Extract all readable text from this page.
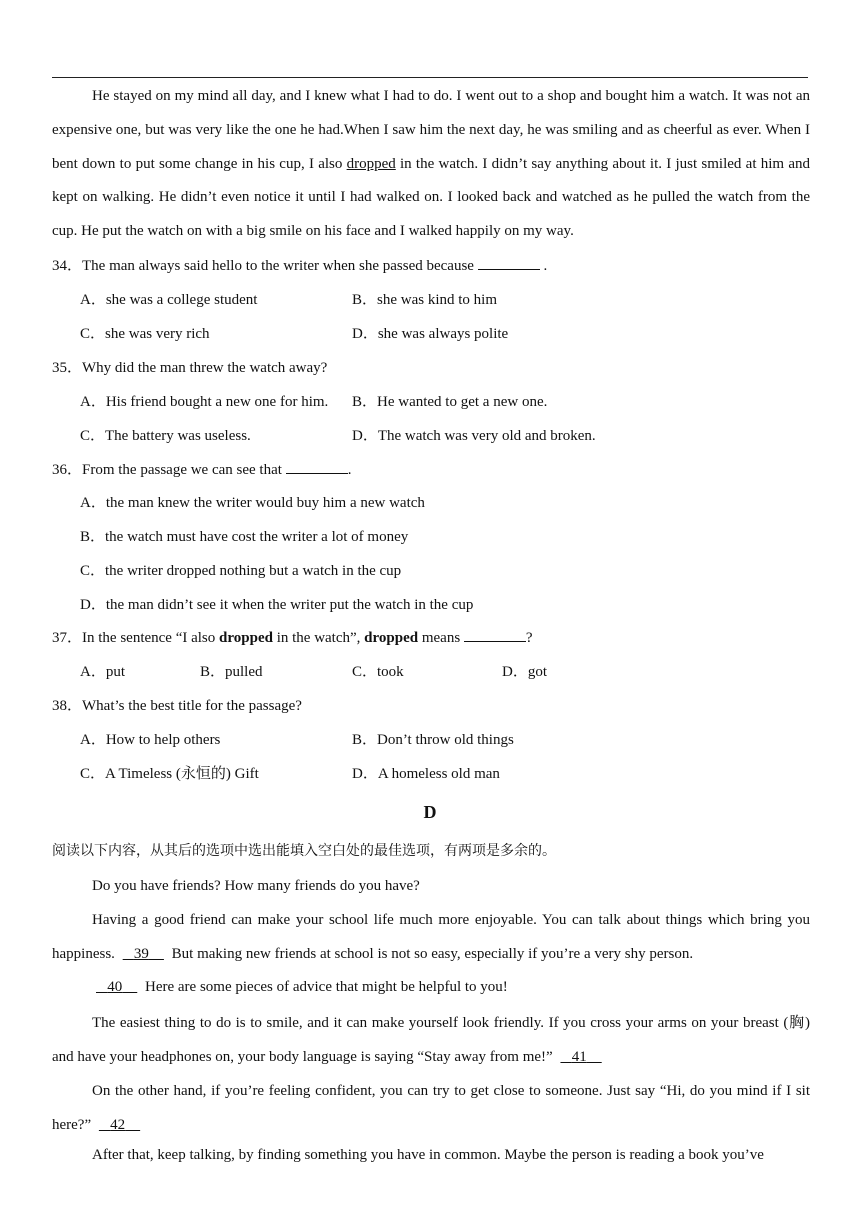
He stayed on my mind all day, and I knew what I had to do. I went out to a shop and bought him a watch. It was not an expensive one, but was very like the one he had.When I saw him the next day, he was smiling and as cheerful as ever. When I bent down to put some change in his cup, I also dropped in the watch. I didn’t say anything about it. I just smiled at him and kept on walking. He didn’t even notice it until I had walked on. I looked back and watched as he pulled the watch from the cup. He put the watch on with a big smile on his face and I walked happily on my way.
34．The man always said hello to the writer when she passed because	.
A．she was a college student	B．she was kind to him
C．she was very rich	D．she was always polite
35．Why did the man threw the watch away?
A．His friend bought a new one for him. B．He wanted to get a new one.
C．The battery was useless.	D．The watch was very old and broken.
36．From the passage we can see that	.
A．the man knew the writer would buy him a new watch
B．the watch must have cost the writer a lot of money
C．the writer dropped nothing but a watch in the cup
D．the man didn’t see it when the writer put the watch in the cup
37．In the sentence “I also dropped in the watch”, dropped means	?
A．put	B．pulled	C．took	D．got
38．What’s the best title for the passage?
A．How to help others	B．Don’t throw old things
C．A Timeless (永恒的) Gift	D．A homeless old man
D
阅读以下内容，从其后的选项中选出能填入空白处的最佳选项，有两项是多余的。
Do you have friends? How many friends do you have?
Having a good friend can make your school life much more enjoyable. You can talk about things which bring you happiness. 39     But making new friends at school is not so easy, especially if you’re a very shy person.
40     Here are some pieces of advice that might be helpful to you!
The easiest thing to do is to smile, and it can make yourself look friendly. If you cross your arms on your breast (胸) and have your headphones on, your body language is saying “Stay away from me!” 41
On the other hand, if you’re feeling confident, you can try to get close to someone. Just say “Hi, do you mind if I sit here?” 42
After that, keep talking, by finding something you have in common. Maybe the person is reading a book you’ve
